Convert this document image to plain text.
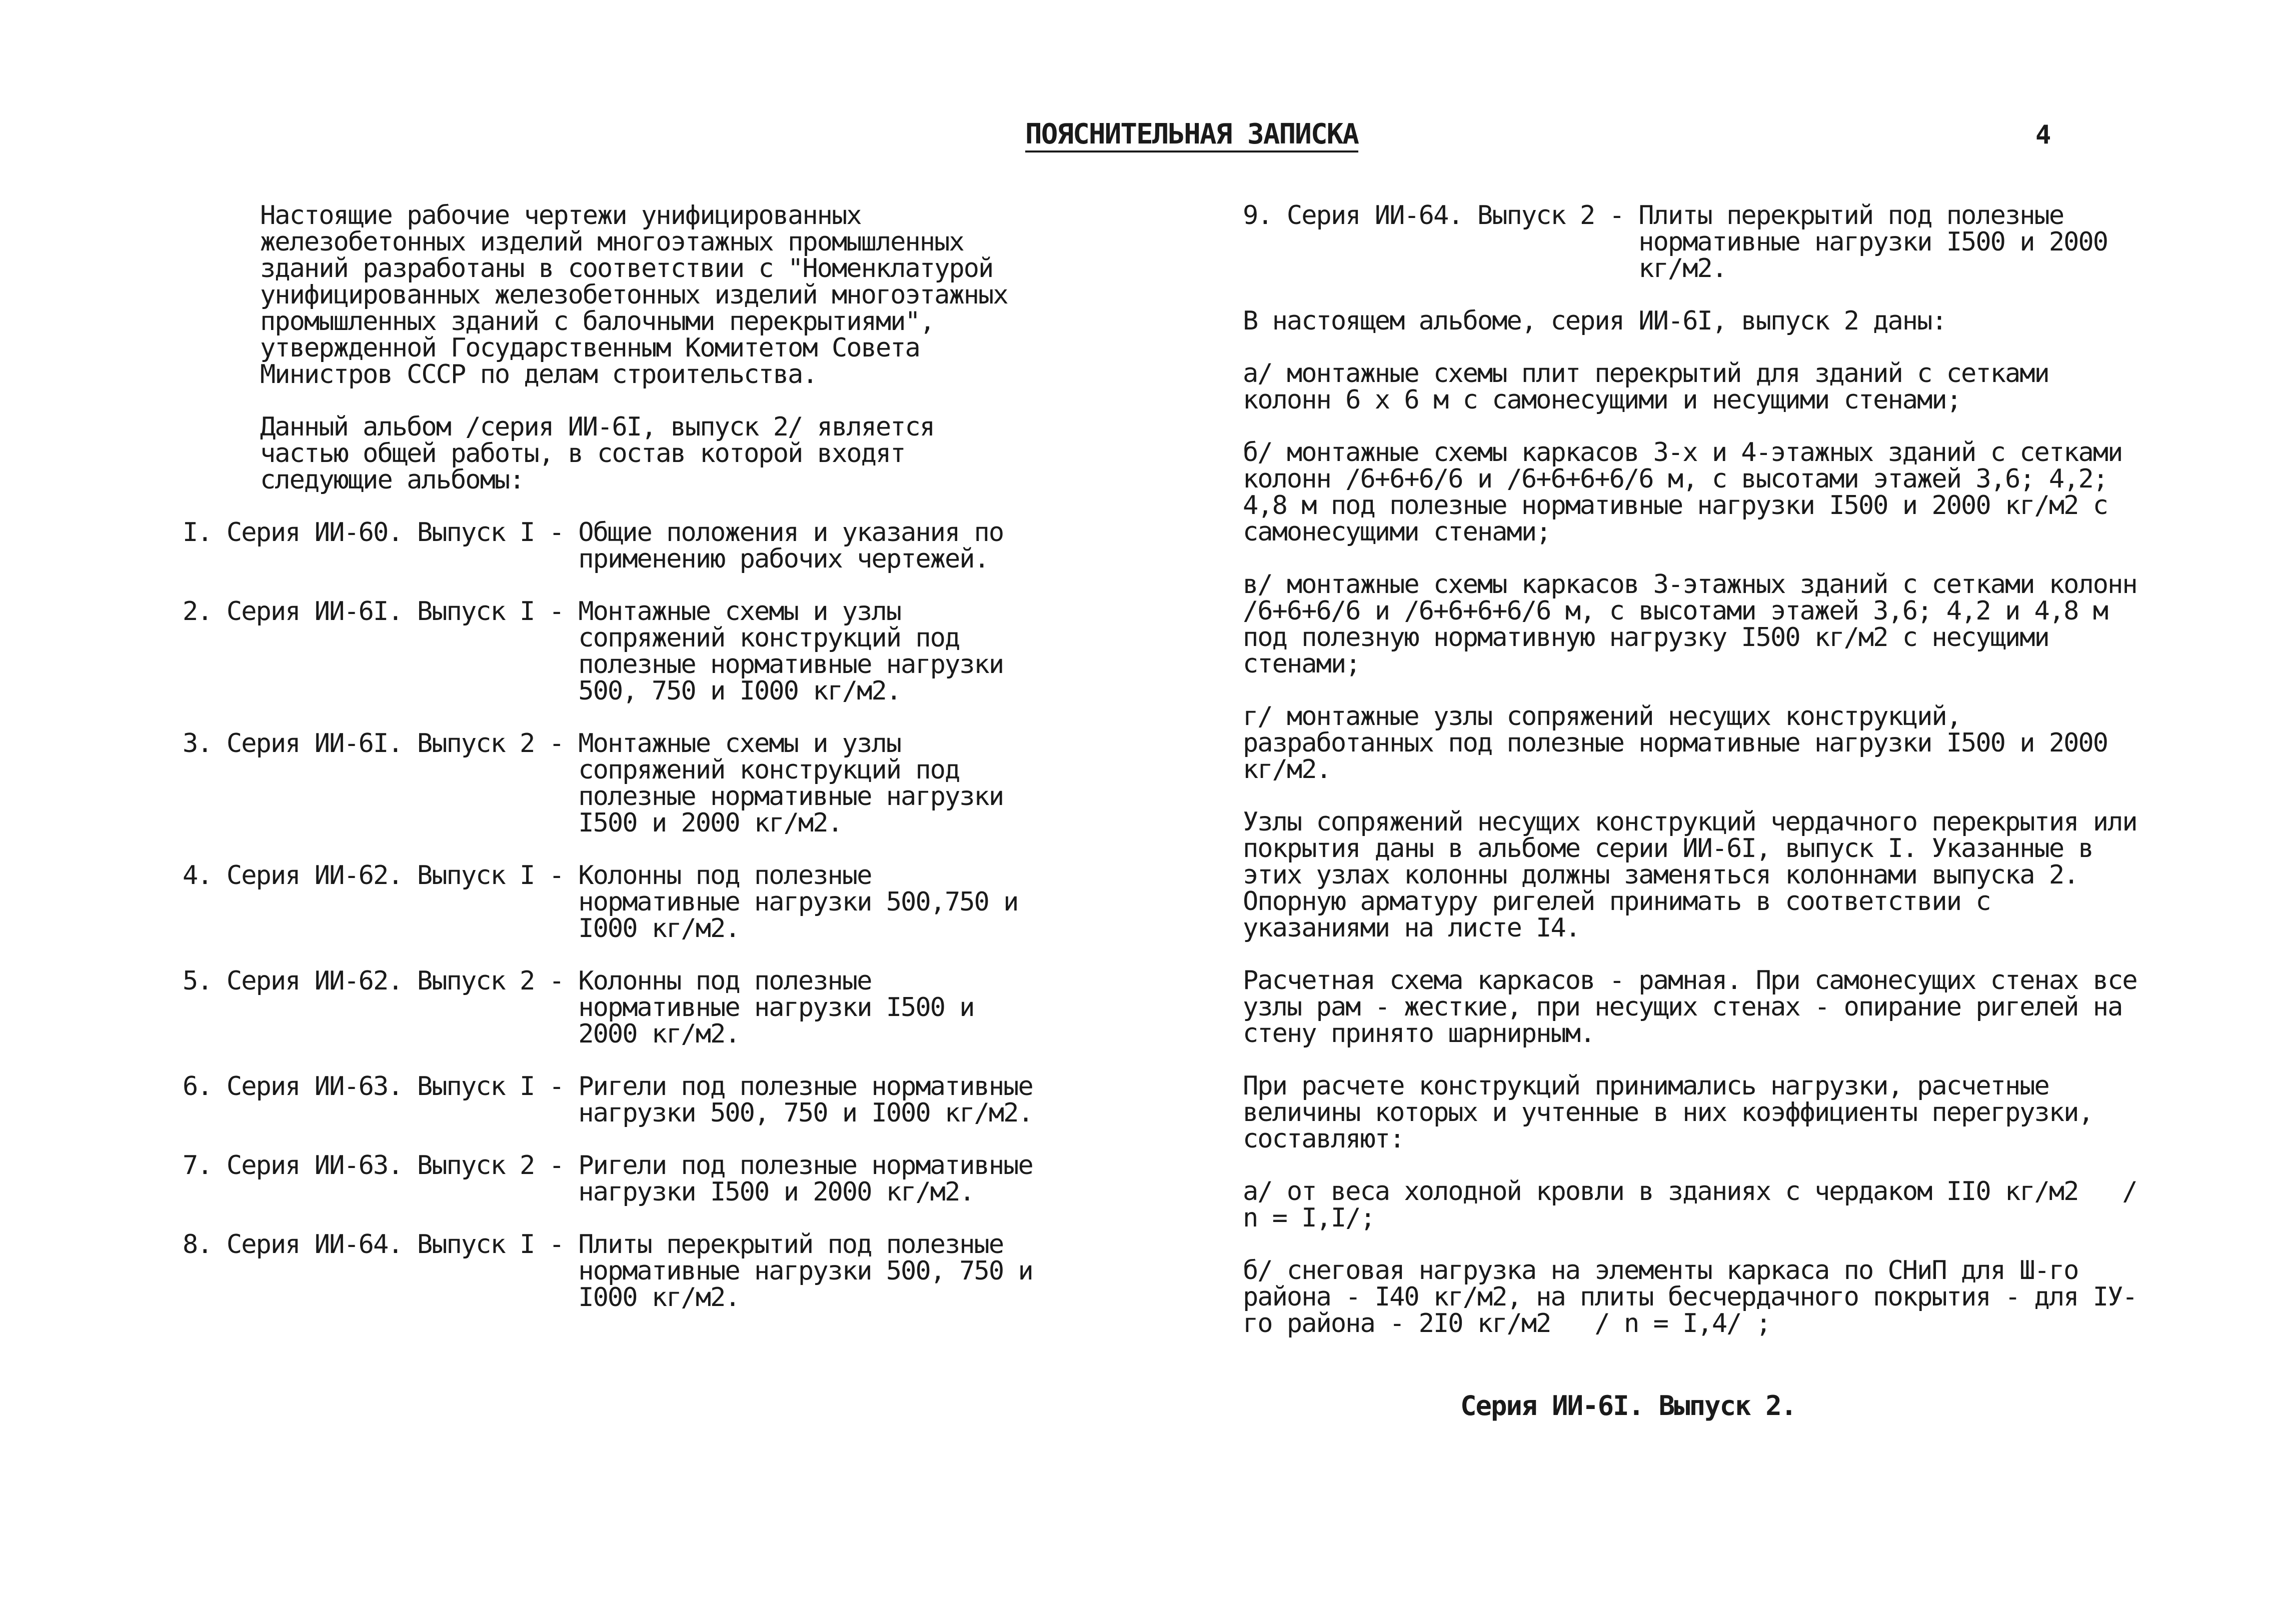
ПОЯСНИТЕЛЬНАЯ ЗАПИСКА	4

Настоящие рабочие чертежи унифицированных железобетонных изделий многоэтажных промышленных зданий разработаны в соответствии с "Номенклатурой унифицированных железобетонных изделий многоэтажных промышленных зданий с балочными перекрытиями", утвержденной Государственным Комитетом Совета Министров СССР по делам строительства.

Данный альбом /серия ИИ-6I, выпуск 2/ является частью общей работы, в состав которой входят следующие альбомы:

I. Серия ИИ-60. Выпуск I - Общие положения и указания по применению рабочих чертежей.
2. Серия ИИ-6I. Выпуск I - Монтажные схемы и узлы сопряжений конструкций под полезные нормативные нагрузки 500, 750 и I000 кг/м2.
3. Серия ИИ-6I. Выпуск 2 - Монтажные схемы и узлы сопряжений конструкций под полезные нормативные нагрузки I500 и 2000 кг/м2.
4. Серия ИИ-62. Выпуск I - Колонны под полезные нормативные нагрузки 500,750 и I000 кг/м2.
5. Серия ИИ-62. Выпуск 2 - Колонны под полезные нормативные нагрузки I500 и 2000 кг/м2.
6. Серия ИИ-63. Выпуск I - Ригели под полезные нормативные нагрузки 500, 750 и I000 кг/м2.
7. Серия ИИ-63. Выпуск 2 - Ригели под полезные нормативные нагрузки I500 и 2000 кг/м2.
8. Серия ИИ-64. Выпуск I - Плиты перекрытий под полезные нормативные нагрузки 500, 750 и I000 кг/м2.
9. Серия ИИ-64. Выпуск 2 - Плиты перекрытий под полезные нормативные нагрузки I500 и 2000 кг/м2.

В настоящем альбоме, серия ИИ-6I, выпуск 2 даны:

а/ монтажные схемы плит перекрытий для зданий с сетками колонн 6 х 6 м с самонесущими и несущими стенами;

б/ монтажные схемы каркасов 3-х и 4-этажных зданий с сетками колонн /6+6+6/6 и /6+6+6+6/6 м, с высотами этажей 3,6; 4,2; 4,8 м под полезные нормативные нагрузки I500 и 2000 кг/м2 с самонесущими стенами;

в/ монтажные схемы каркасов 3-этажных зданий с сетками колонн /6+6+6/6 и /6+6+6+6/6 м, с высотами этажей 3,6; 4,2 и 4,8 м под полезную нормативную нагрузку I500 кг/м2 с несущими стенами;

г/ монтажные узлы сопряжений несущих конструкций, разработанных под полезные нормативные нагрузки I500 и 2000 кг/м2.

Узлы сопряжений несущих конструкций чердачного перекрытия или покрытия даны в альбоме серии ИИ-6I, выпуск I. Указанные в этих узлах колонны должны заменяться колоннами выпуска 2. Опорную арматуру ригелей принимать в соответствии с указаниями на листе I4.

Расчетная схема каркасов - рамная. При самонесущих стенах все узлы рам - жесткие, при несущих стенах - опирание ригелей на стену принято шарнирным.

При расчете конструкций принимались нагрузки, расчетные величины которых и учтенные в них коэффициенты перегрузки, составляют:

а/ от веса холодной кровли в зданиях с чердаком II0 кг/м2   / n = I,I/;

б/ снеговая нагрузка на элементы каркаса по СНиП для Ш-го района - I40 кг/м2, на плиты бесчердачного покрытия - для IУ-го района - 2I0 кг/м2   / n = I,4/ ;

Серия ИИ-6I. Выпуск 2.
